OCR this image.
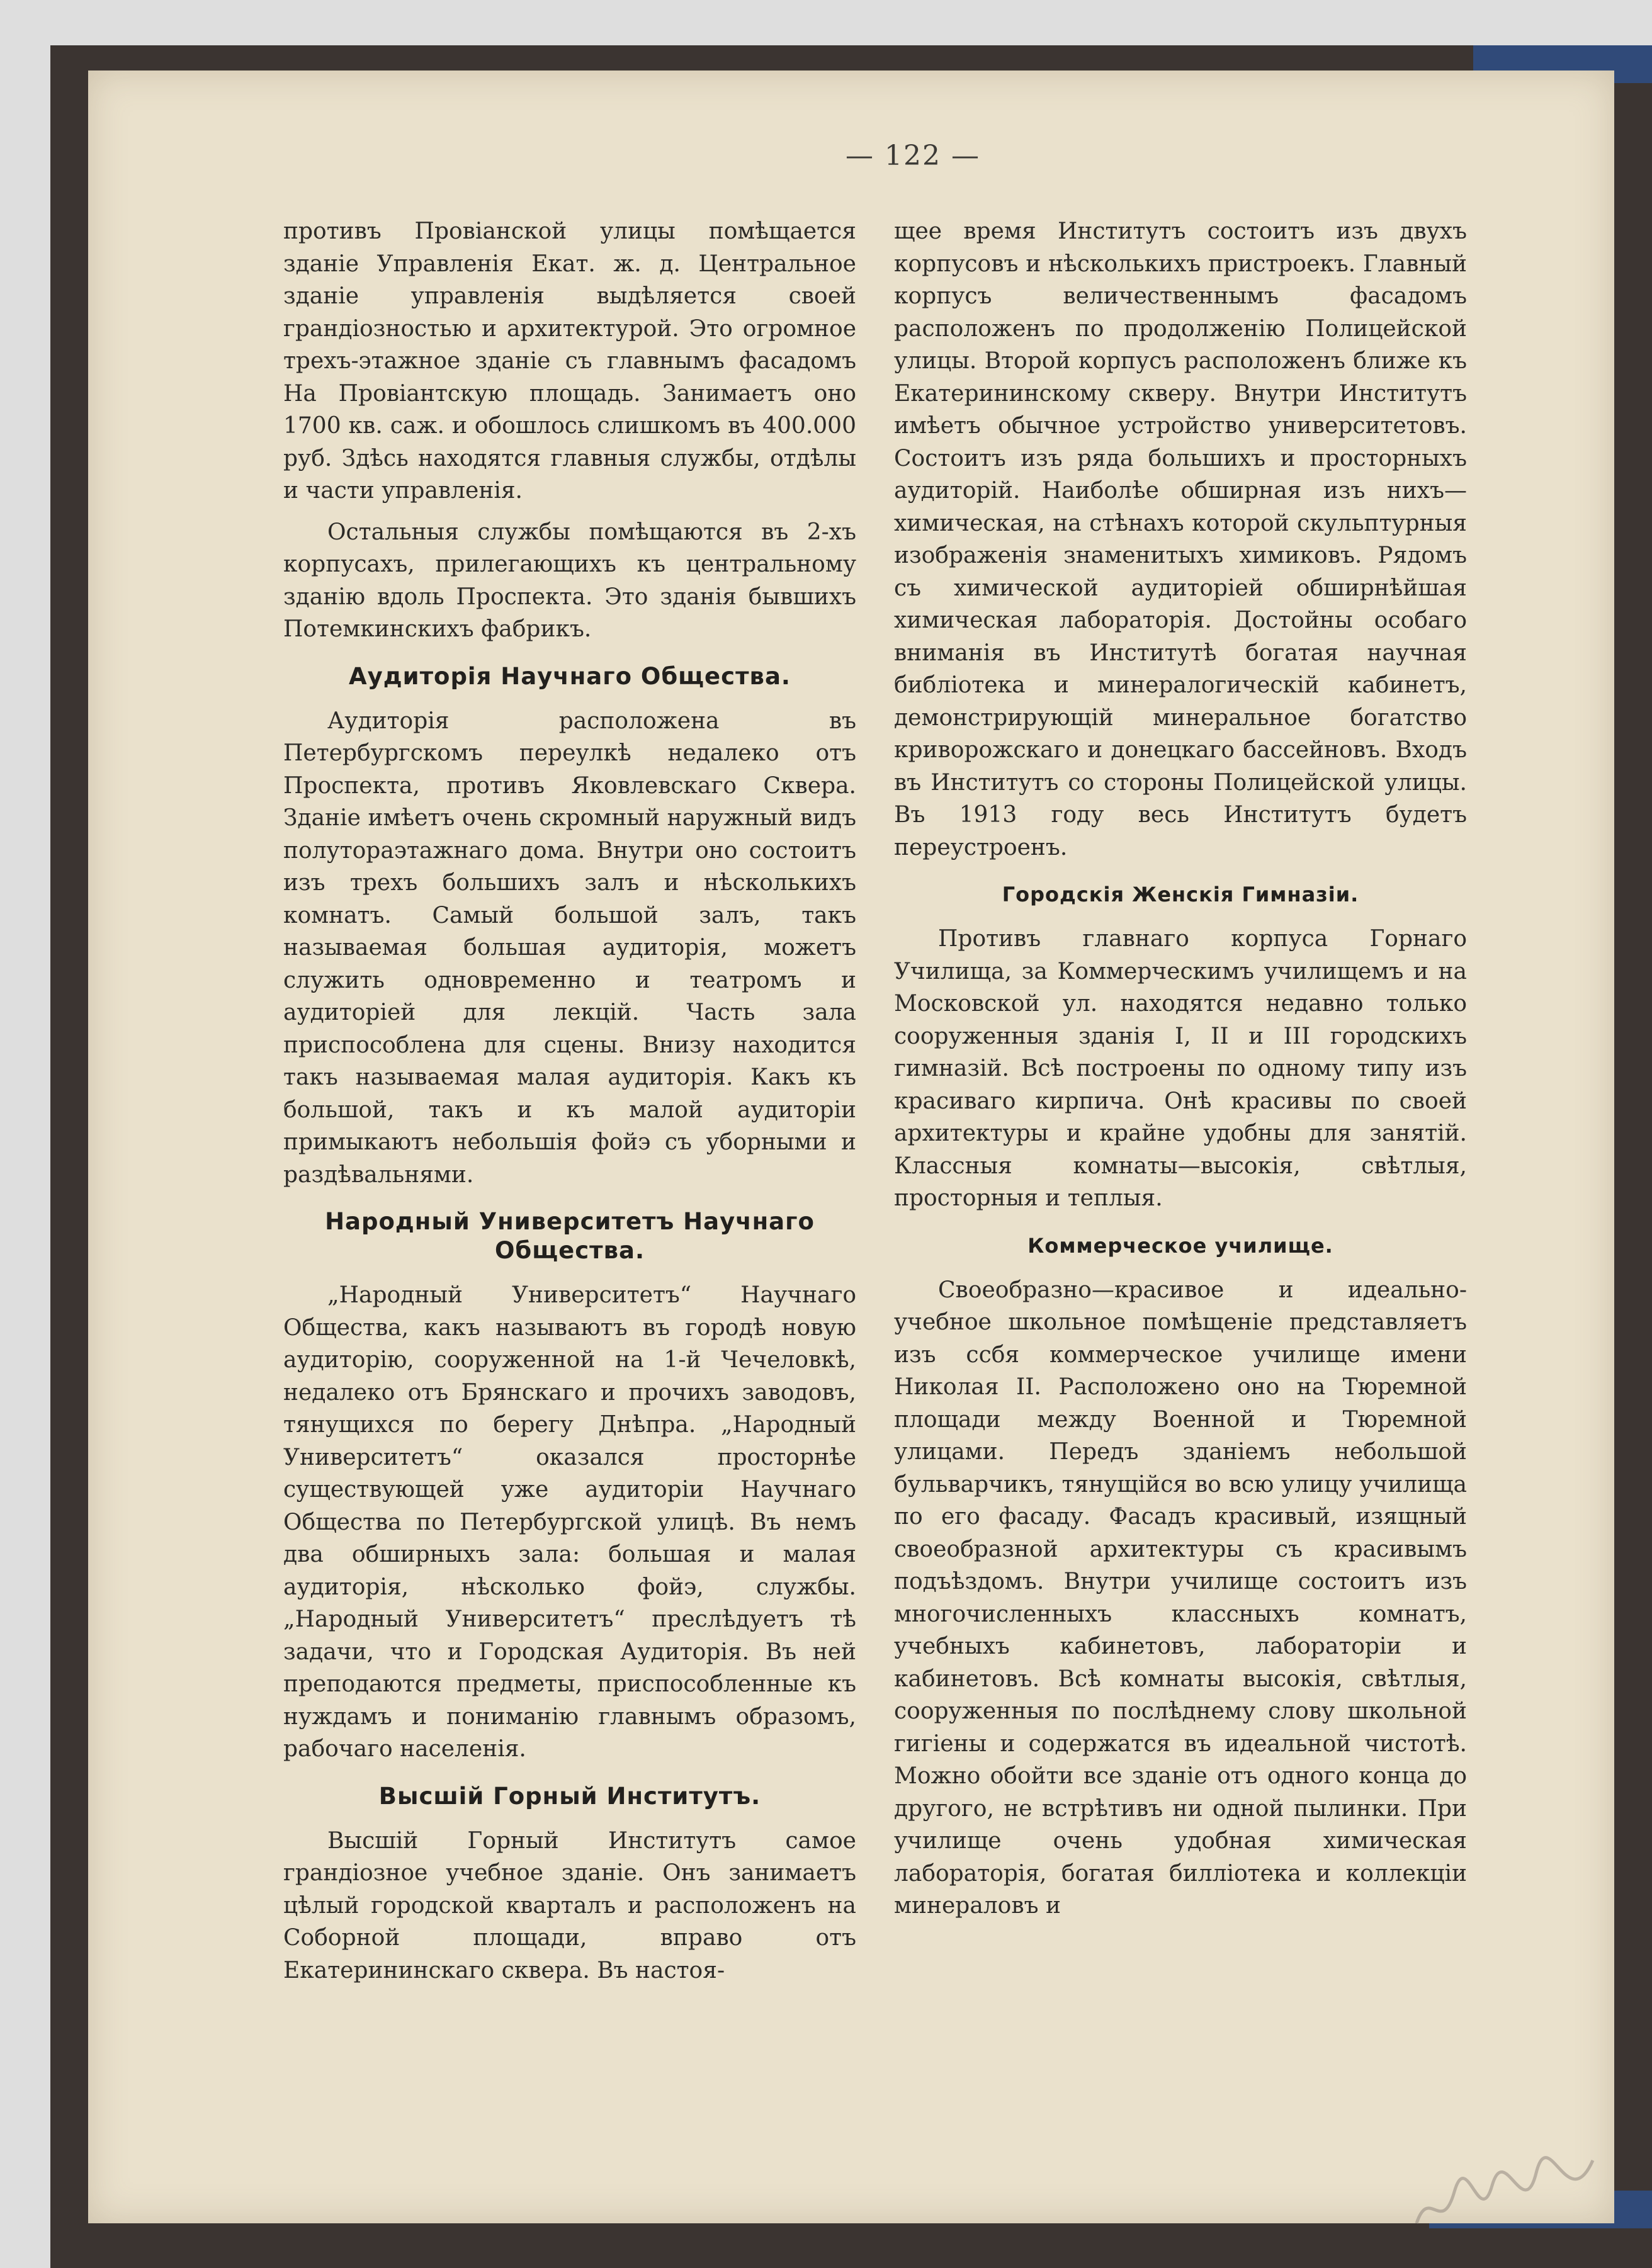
— 122 —

противъ Провіанской улицы помѣщается зданіе Управленія Екат. ж. д. Центральное зданіе управленія выдѣляется своей грандіозностью и архитектурой. Это огромное трехъ-этажное зданіе съ главнымъ фасадомъ На Провіантскую площадь. Занимаетъ оно 1700 кв. саж. и обошлось слишкомъ въ 400.000 руб. Здѣсь находятся главныя службы, отдѣлы и части управленія.

Остальныя службы помѣщаются въ 2-хъ корпусахъ, прилегающихъ къ центральному зданію вдоль Проспекта. Это зданія бывшихъ Потемкинскихъ фабрикъ.

Аудиторія Научнаго Общества.

Аудиторія расположена въ Петербургскомъ переулкѣ недалеко отъ Проспекта, противъ Яковлевскаго Сквера. Зданіе имѣетъ очень скромный наружный видъ полутораэтажнаго дома. Внутри оно состоитъ изъ трехъ большихъ залъ и нѣсколькихъ комнатъ. Самый большой залъ, такъ называемая большая аудиторія, можетъ служить одновременно и театромъ и аудиторіей для лекцій. Часть зала приспособлена для сцены. Внизу находится такъ называемая малая аудиторія. Какъ къ большой, такъ и къ малой аудиторіи примыкаютъ небольшія фойэ съ уборными и раздѣвальнями.

Народный Университетъ Научнаго Общества.

„Народный Университетъ“ Научнаго Общества, какъ называютъ въ городѣ новую аудиторію, сооруженной на 1-й Чечеловкѣ, недалеко отъ Брянскаго и прочихъ заводовъ, тянущихся по берегу Днѣпра. „Народный Университетъ“ оказался просторнѣе существующей уже аудиторіи Научнаго Общества по Петербургской улицѣ. Въ немъ два обширныхъ зала: большая и малая аудиторія, нѣсколько фойэ, службы. „Народный Университетъ“ преслѣдуетъ тѣ задачи, что и Городская Аудиторія. Въ ней преподаются предметы, приспособленные къ нуждамъ и пониманію главнымъ образомъ, рабочаго населенія.

Высшій Горный Институтъ.

Высшій Горный Институтъ самое грандіозное учебное зданіе. Онъ занимаетъ цѣлый городской кварталъ и расположенъ на Соборной площади, вправо отъ Екатерининскаго сквера. Въ настоя-

щее время Институтъ состоитъ изъ двухъ корпусовъ и нѣсколькихъ пристроекъ. Главный корпусъ величественнымъ фасадомъ расположенъ по продолженію Полицейской улицы. Второй корпусъ расположенъ ближе къ Екатерининскому скверу. Внутри Институтъ имѣетъ обычное устройство университетовъ. Состоитъ изъ ряда большихъ и просторныхъ аудиторій. Наиболѣе обширная изъ нихъ—химическая, на стѣнахъ которой скульптурныя изображенія знаменитыхъ химиковъ. Рядомъ съ химической аудиторіей обширнѣйшая химическая лабораторія. Достойны особаго вниманія въ Институтѣ богатая научная библіотека и минералогическій кабинетъ, демонстрирующій минеральное богатство криворожскаго и донецкаго бассейновъ. Входъ въ Институтъ со стороны Полицейской улицы. Въ 1913 году весь Институтъ будетъ переустроенъ.

Городскія Женскія Гимназіи.

Противъ главнаго корпуса Горнаго Училища, за Коммерческимъ училищемъ и на Московской ул. находятся недавно только сооруженныя зданія I, II и III городскихъ гимназій. Всѣ построены по одному типу изъ красиваго кирпича. Онѣ красивы по своей архитектуры и крайне удобны для занятій. Классныя комнаты—высокія, свѣтлыя, просторныя и теплыя.

Коммерческое училище.

Своеобразно—красивое и идеально-учебное школьное помѣщеніе представляетъ изъ ссбя коммерческое училище имени Николая II. Расположено оно на Тюремной площади между Военной и Тюремной улицами. Передъ зданіемъ небольшой бульварчикъ, тянущійся во всю улицу училища по его фасаду. Фасадъ красивый, изящный своеобразной архитектуры съ красивымъ подъѣздомъ. Внутри училище состоитъ изъ многочисленныхъ классныхъ комнатъ, учебныхъ кабинетовъ, лабораторіи и кабинетовъ. Всѣ комнаты высокія, свѣтлыя, сооруженныя по послѣднему слову школьной гигіены и содержатся въ идеальной чистотѣ. Можно обойти все зданіе отъ одного конца до другого, не встрѣтивъ ни одной пылинки. При училище очень удобная химическая лабораторія, богатая билліотека и коллекціи минераловъ и
